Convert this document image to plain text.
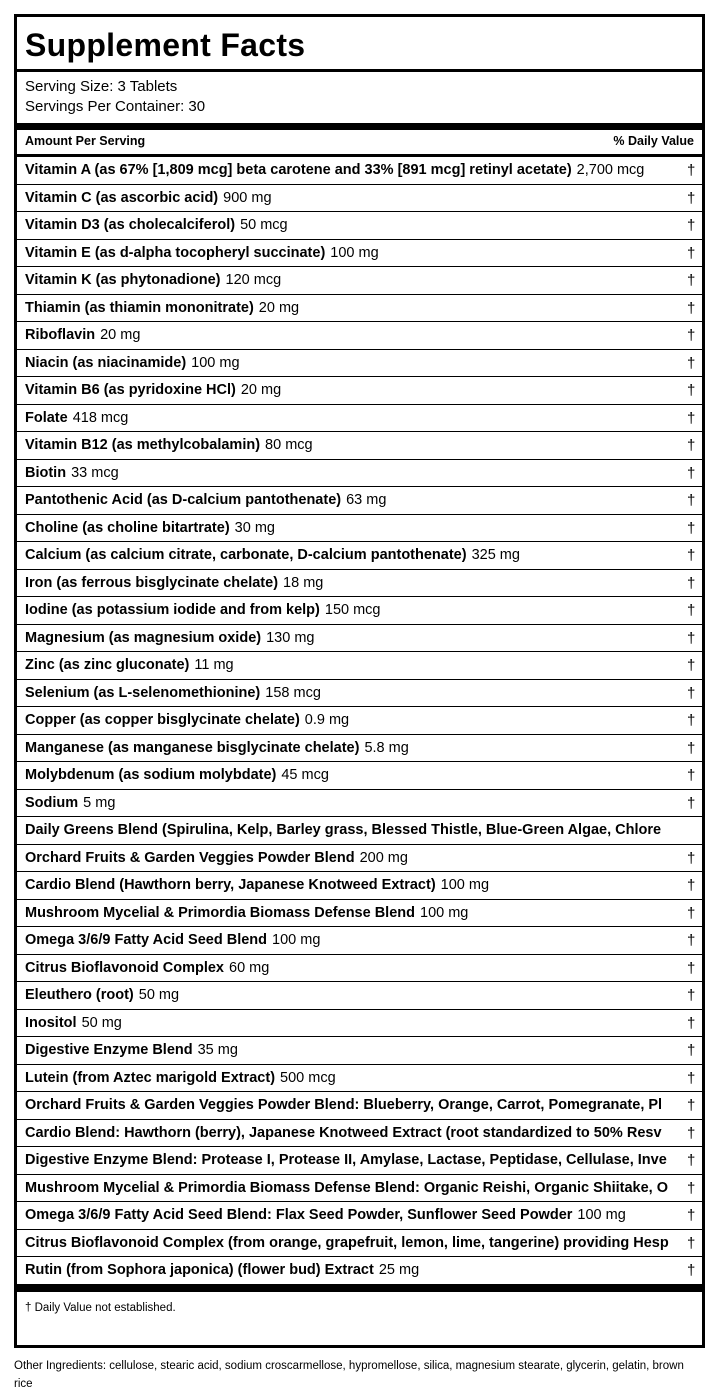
Supplement Facts
Serving Size: 3 Tablets
Servings Per Container: 30
Amount Per Serving	% Daily Value
Vitamin A (as 67% [1,809 mcg] beta carotene and 33% [891 mcg] retinyl acetate) 2,700 mcg	†
Vitamin C (as ascorbic acid) 900 mg	†
Vitamin D3 (as cholecalciferol) 50 mcg	†
Vitamin E (as d-alpha tocopheryl succinate) 100 mg	†
Vitamin K (as phytonadione) 120 mcg	†
Thiamin (as thiamin mononitrate) 20 mg	†
Riboflavin 20 mg	†
Niacin (as niacinamide) 100 mg	†
Vitamin B6 (as pyridoxine HCl) 20 mg	†
Folate 418 mcg	†
Vitamin B12 (as methylcobalamin) 80 mcg	†
Biotin 33 mcg	†
Pantothenic Acid (as D-calcium pantothenate) 63 mg	†
Choline (as choline bitartrate) 30 mg	†
Calcium (as calcium citrate, carbonate, D-calcium pantothenate) 325 mg	†
Iron (as ferrous bisglycinate chelate) 18 mg	†
Iodine (as potassium iodide and from kelp) 150 mcg	†
Magnesium (as magnesium oxide) 130 mg	†
Zinc (as zinc gluconate) 11 mg	†
Selenium (as L-selenomethionine) 158 mcg	†
Copper (as copper bisglycinate chelate) 0.9 mg	†
Manganese (as manganese bisglycinate chelate) 5.8 mg	†
Molybdenum (as sodium molybdate) 45 mcg	†
Sodium 5 mg	†
Daily Greens Blend (Spirulina, Kelp, Barley grass, Blessed Thistle, Blue-Green Algae, Chlore
Orchard Fruits & Garden Veggies Powder Blend 200 mg	†
Cardio Blend (Hawthorn berry, Japanese Knotweed Extract) 100 mg	†
Mushroom Mycelial & Primordia Biomass Defense Blend 100 mg	†
Omega 3/6/9 Fatty Acid Seed Blend 100 mg	†
Citrus Bioflavonoid Complex 60 mg	†
Eleuthero (root) 50 mg	†
Inositol 50 mg	†
Digestive Enzyme Blend 35 mg	†
Lutein (from Aztec marigold Extract) 500 mcg	†
Orchard Fruits & Garden Veggies Powder Blend: Blueberry, Orange, Carrot, Pomegranate, Pl	†
Cardio Blend: Hawthorn (berry), Japanese Knotweed Extract (root standardized to 50% Resv	†
Digestive Enzyme Blend: Protease I, Protease II, Amylase, Lactase, Peptidase, Cellulase, Inve	†
Mushroom Mycelial & Primordia Biomass Defense Blend: Organic Reishi, Organic Shiitake, O	†
Omega 3/6/9 Fatty Acid Seed Blend: Flax Seed Powder, Sunflower Seed Powder 100 mg	†
Citrus Bioflavonoid Complex (from orange, grapefruit, lemon, lime, tangerine) providing Hesp	†
Rutin (from Sophora japonica) (flower bud) Extract 25 mg	†
† Daily Value not established.
Other Ingredients: cellulose, stearic acid, sodium croscarmellose, hypromellose, silica, magnesium stearate, glycerin, gelatin, brown rice
